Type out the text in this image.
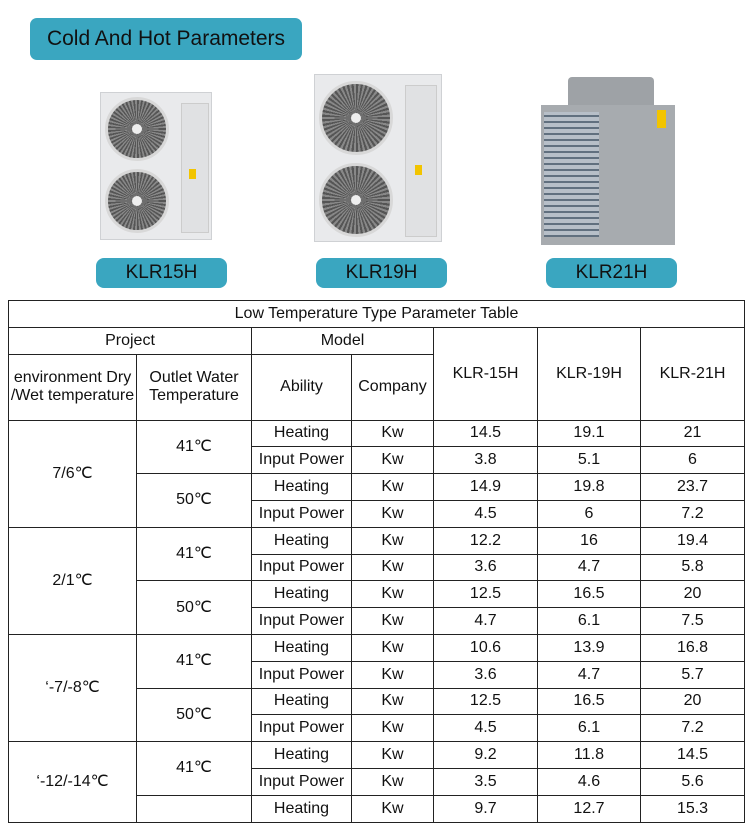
Cold And Hot Parameters
KLR15H	KLR19H	KLR21H
Low Temperature Type Parameter Table						
Project		Model		KLR-15H	KLR-19H	KLR-21H
environment Dry /Wet temperature	Outlet Water Temperature	Ability	Company			
7/6℃	41℃	Heating	Kw	14.5	19.1	21
		Input Power	Kw	3.8	5.1	6
	50℃	Heating	Kw	14.9	19.8	23.7
		Input Power	Kw	4.5	6	7.2
2/1℃	41℃	Heating	Kw	12.2	16	19.4
		Input Power	Kw	3.6	4.7	5.8
	50℃	Heating	Kw	12.5	16.5	20
		Input Power	Kw	4.7	6.1	7.5
‘-7/-8℃	41℃	Heating	Kw	10.6	13.9	16.8
		Input Power	Kw	3.6	4.7	5.7
	50℃	Heating	Kw	12.5	16.5	20
		Input Power	Kw	4.5	6.1	7.2
‘-12/-14℃	41℃	Heating	Kw	9.2	11.8	14.5
		Input Power	Kw	3.5	4.6	5.6
		Heating	Kw	9.7	12.7	15.3
